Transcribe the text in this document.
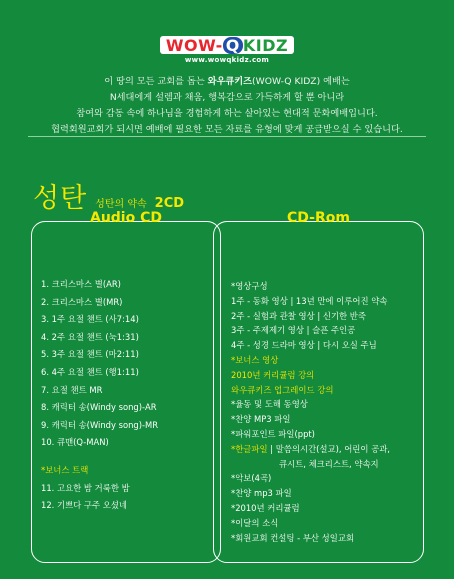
WOW- Q KIDZ
www.wowqkidz.com
이 땅의 모든 교회를 돕는 와우큐키즈(WOW-Q KIDZ) 예배는
N세대에게 설렘과 채움, 행복감으로 가득하게 할 뿐 아니라
참여와 감동 속에 하나님을 경험하게 하는 살아있는 현대적 문화예배입니다.
협력회원교회가 되시면 예배에 필요한 모든 자료를 유형에 맞게 공급받으실 수 있습니다.
성탄 성탄의 약속 2CD
Audio CD
1. 크리스마스 별(AR)
2. 크리스마스 별(MR)
3. 1주 요절 챈트 (사7:14)
4. 2주 요절 챈트 (눅1:31)
5. 3주 요절 챈트 (마2:11)
6. 4주 요절 챈트 (행1:11)
7. 요절 챈트 MR
8. 캐릭터 송(Windy song)-AR
9. 캐릭터 송(Windy song)-MR
10. 큐맨(Q-MAN)
*보너스 트랙
11. 고요한 밤 거룩한 밤
12. 기쁘다 구주 오셨네
CD-Rom
*영상구성
1주 - 동화 영상 | 13년 만에 이루어진 약속
2주 - 실험과 관찰 영상 | 신기한 반죽
3주 - 주제제기 영상 | 슬픈 주인공
4주 - 성경 드라마 영상 | 다시 오실 주님
*보너스 영상
2010년 커리큘럼 강의
와우큐키즈 업그레이드 강의
*율동 및 도해 동영상
*찬양 MP3 파일
*파워포인트 파일(ppt)
*한글파일 | 말씀의시간(설교), 어린이 공과,
큐시트, 체크리스트, 약속지
*악보(4곡)
*찬양 mp3 파일
*2010년 커리큘럼
*이달의 소식
*회원교회 컨설팅 - 부산 성일교회
